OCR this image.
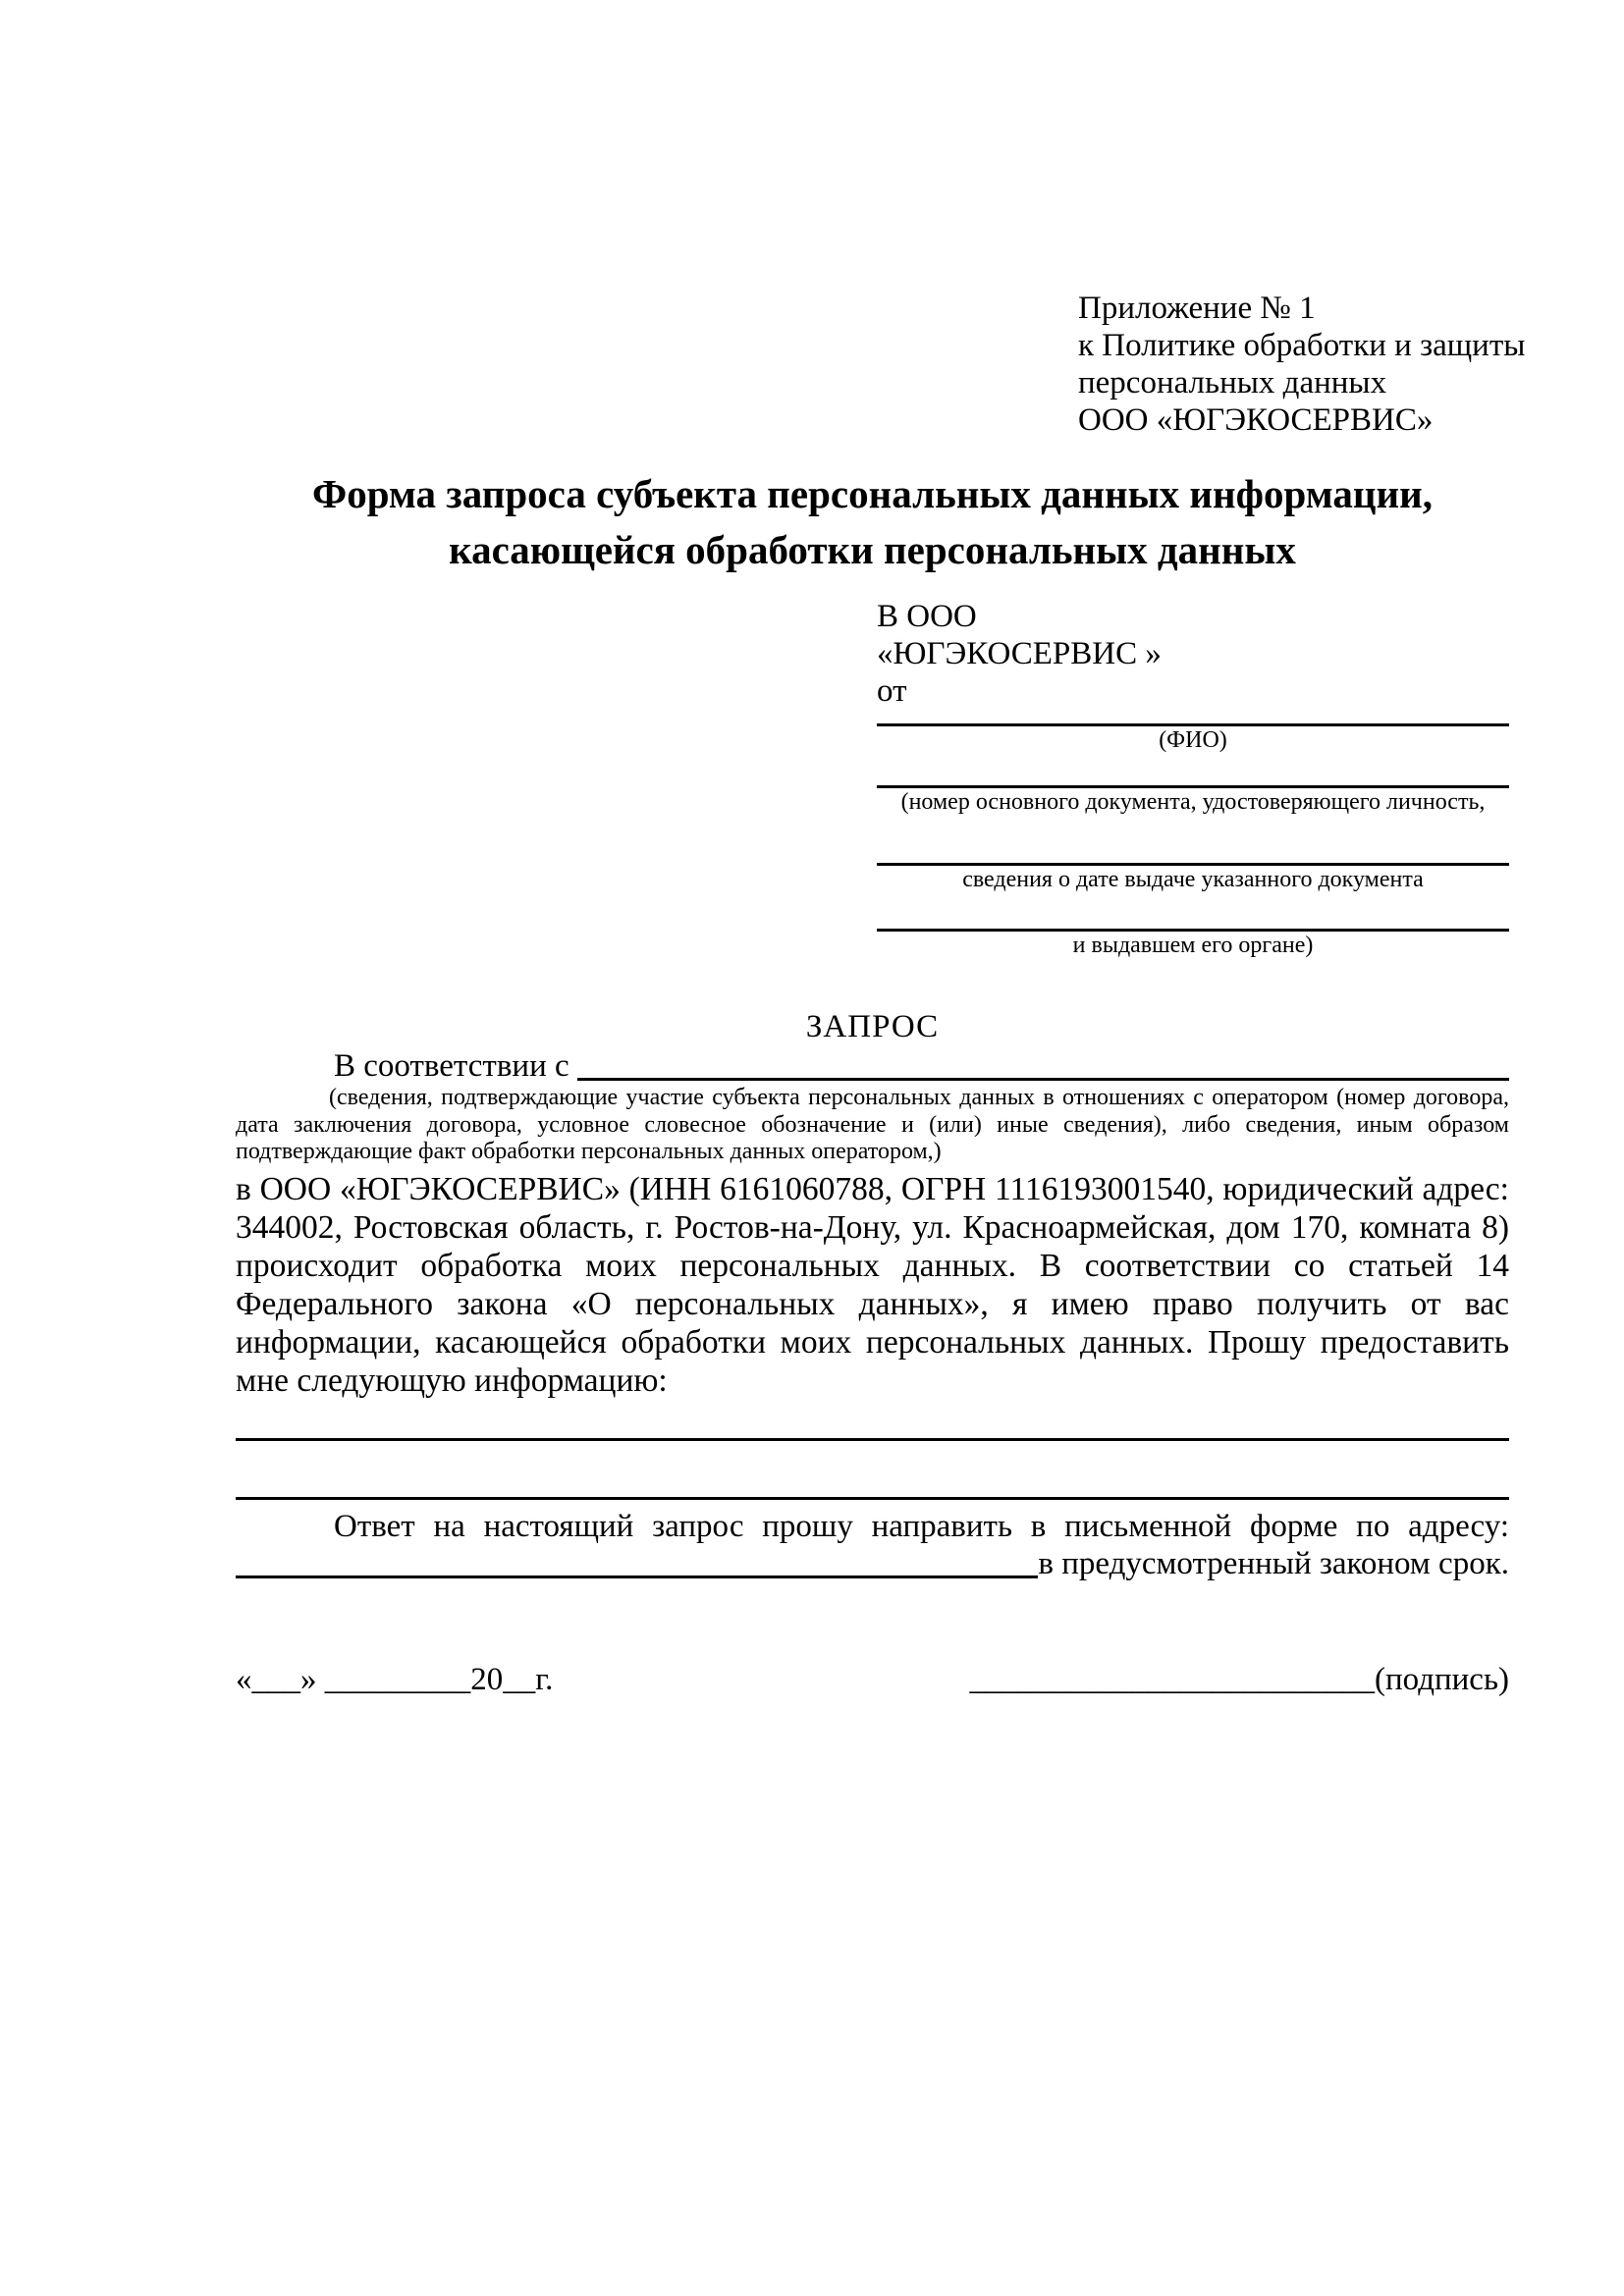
Приложение № 1
к Политике обработки и защиты
персональных данных
ООО «ЮГЭКОСЕРВИС»
Форма запроса субъекта персональных данных информации,
касающейся обработки персональных данных
В ООО
«ЮГЭКОСЕРВИС »
от
(ФИО)
(номер основного документа, удостоверяющего личность,
сведения о дате выдаче указанного документа
и выдавшем его органе)
ЗАПРОС
В соответствии с

(сведения, подтверждающие участие субъекта персональных данных в отношениях с оператором (номер договора, дата заключения договора, условное словесное обозначение и (или) иные сведения), либо сведения, иным образом подтверждающие факт обработки персональных данных оператором,)

в ООО «ЮГЭКОСЕРВИС» (ИНН 6161060788, ОГРН 1116193001540, юридический адрес: 344002, Ростовская область, г. Ростов-на-Дону, ул. Красноармейская, дом 170, комната 8) происходит обработка моих персональных данных. В соответствии со статьей 14 Федерального закона «О персональных данных», я имею право получить от вас информации, касающейся обработки моих персональных данных. Прошу предоставить мне следующую информацию:

Ответ на настоящий запрос прошу направить в письменной форме по адресу:

в предусмотренный законом срок.
«___» _________20__г.	_________________________(подпись)
